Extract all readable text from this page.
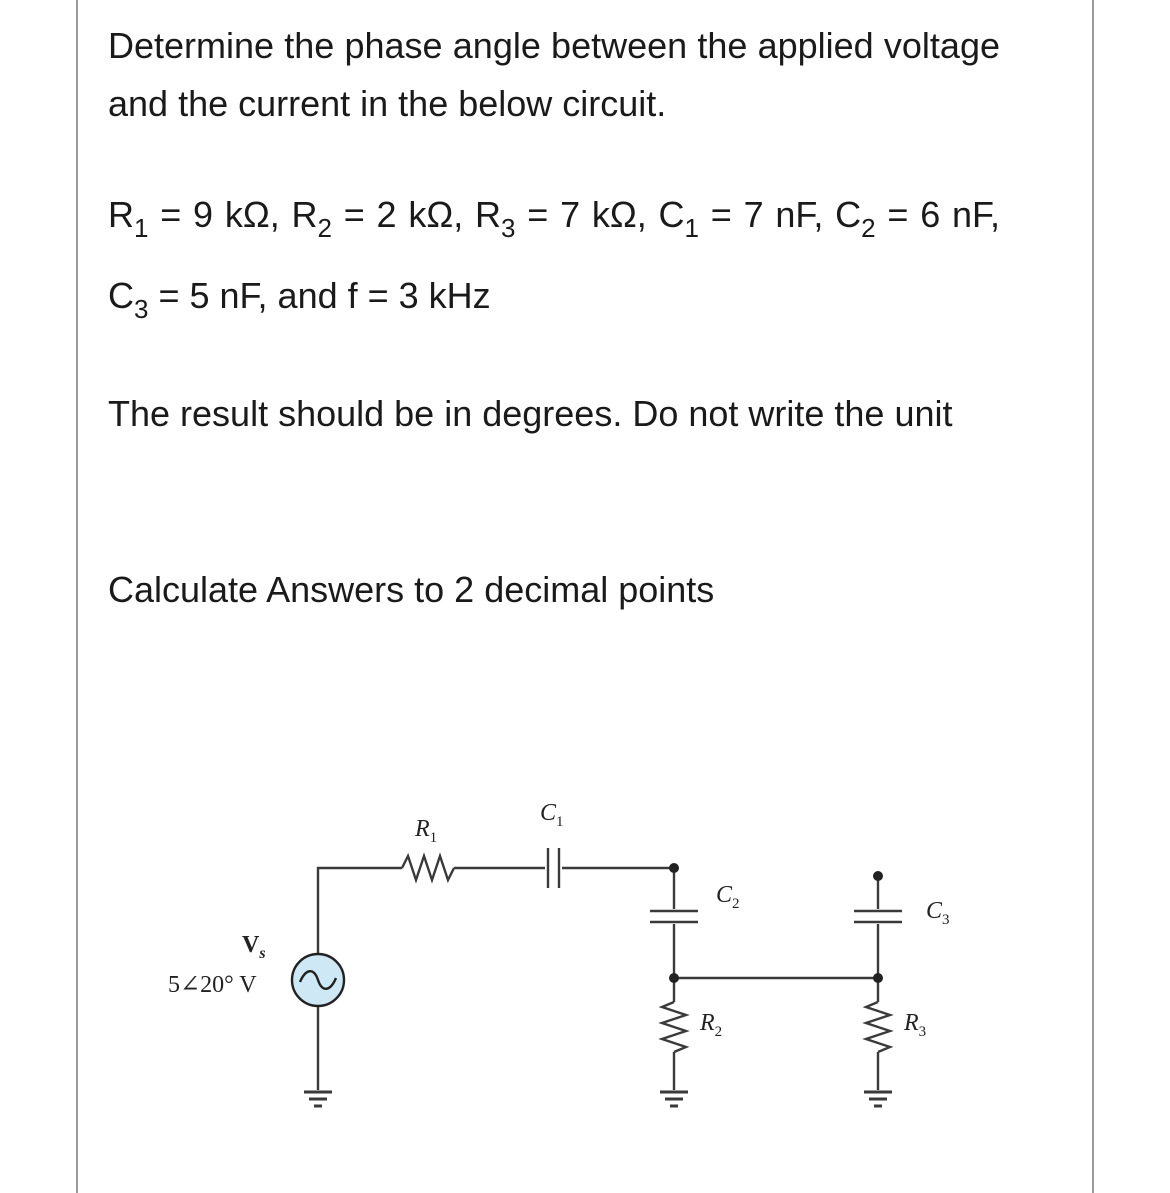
Determine the phase angle between the applied voltage and the current in the below circuit.

$R_1 = 9$ kΩ, $R_2 = 2$ kΩ, $R_3 = 7$ kΩ, $C_1 = 7$ nF, $C_2 = 6$ nF, $C_3 = 5$ nF, and f = 3 kHz

The result should be in degrees. Do not write the unit

Calculate Answers to 2 decimal points

$V_s$
5∠20° V
$R_1$
$C_1$
$C_2$	$C_3$
$R_2$	$R_3$
